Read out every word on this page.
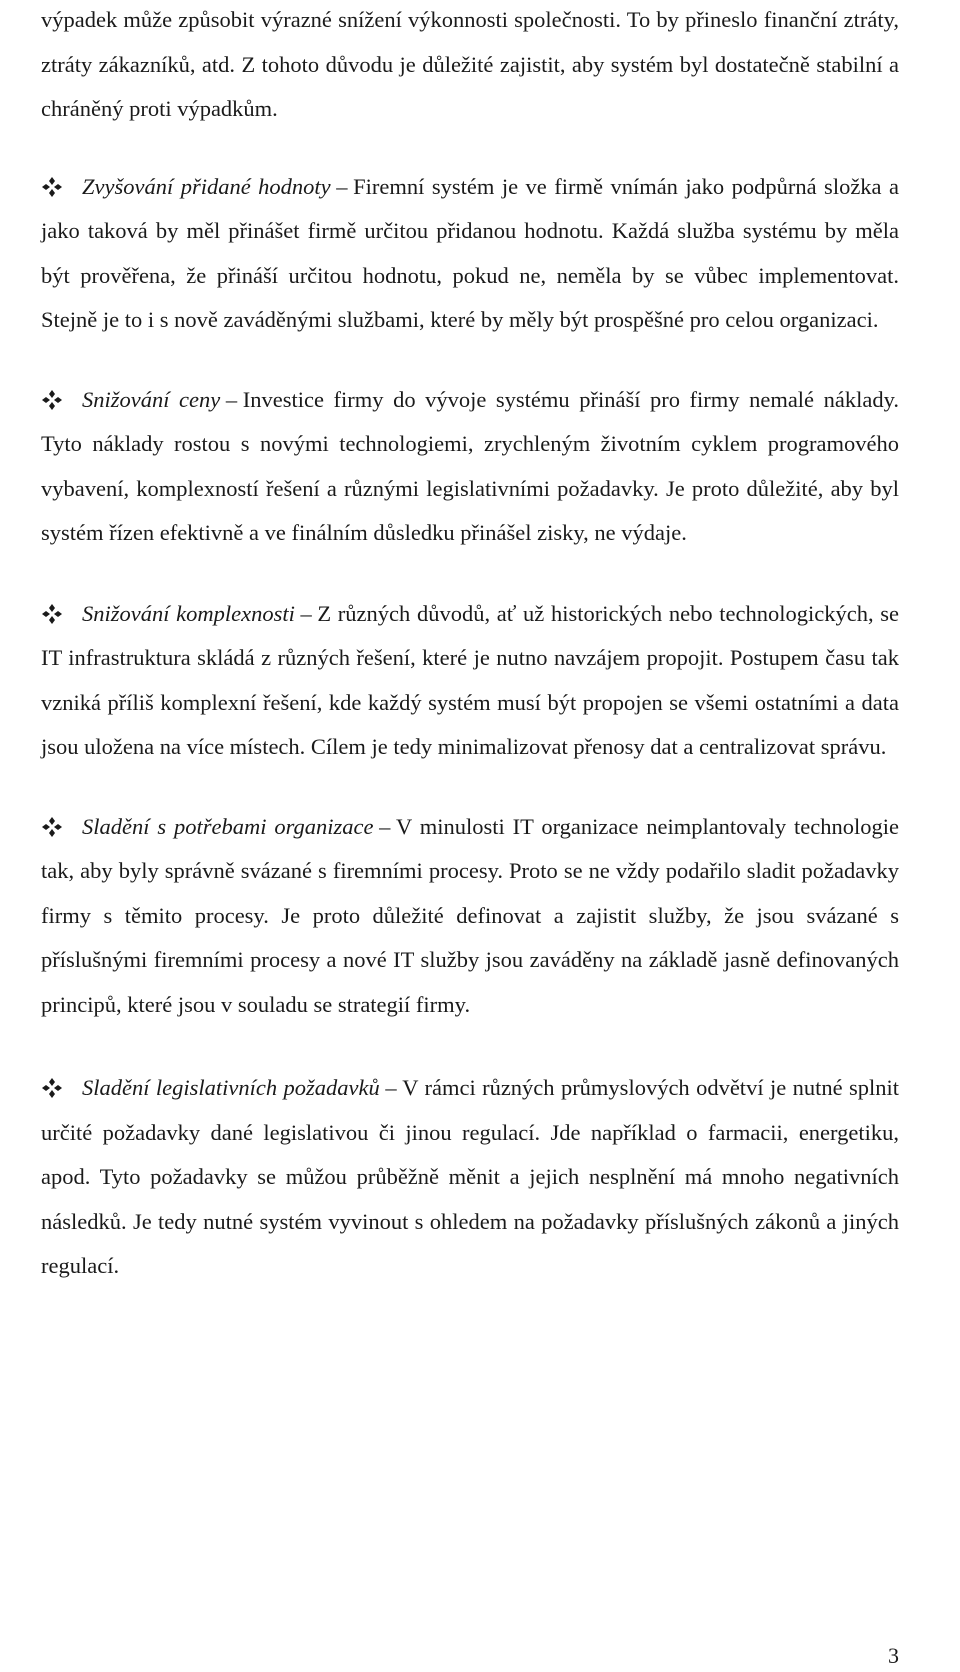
výpadek může způsobit výrazné snížení výkonnosti společnosti. To by přineslo finanční ztráty, ztráty zákazníků, atd. Z tohoto důvodu je důležité zajistit, aby systém byl dostatečně stabilní a chráněný proti výpadkům.

Zvyšování přidané hodnoty – Firemní systém je ve firmě vnímán jako podpůrná složka a jako taková by měl přinášet firmě určitou přidanou hodnotu. Každá služba systému by měla být prověřena, že přináší určitou hodnotu, pokud ne, neměla by se vůbec implementovat. Stejně je to i s nově zaváděnými službami, které by měly být prospěšné pro celou organizaci.

Snižování ceny – Investice firmy do vývoje systému přináší pro firmy nemalé náklady. Tyto náklady rostou s novými technologiemi, zrychleným životním cyklem programového vybavení, komplexností řešení a různými legislativními požadavky. Je proto důležité, aby byl systém řízen efektivně a ve finálním důsledku přinášel zisky, ne výdaje.

Snižování komplexnosti – Z různých důvodů, ať už historických nebo technologických, se IT infrastruktura skládá z různých řešení, které je nutno navzájem propojit. Postupem času tak vzniká příliš komplexní řešení, kde každý systém musí být propojen se všemi ostatními a data jsou uložena na více místech. Cílem je tedy minimalizovat přenosy dat a centralizovat správu.

Sladění s potřebami organizace – V minulosti IT organizace neimplantovaly technologie tak, aby byly správně svázané s firemními procesy. Proto se ne vždy podařilo sladit požadavky firmy s těmito procesy. Je proto důležité definovat a zajistit služby, že jsou svázané s příslušnými firemními procesy a nové IT služby jsou zaváděny na základě jasně definovaných principů, které jsou v souladu se strategií firmy.

Sladění legislativních požadavků – V rámci různých průmyslových odvětví je nutné splnit určité požadavky dané legislativou či jinou regulací. Jde například o farmacii, energetiku, apod. Tyto požadavky se můžou průběžně měnit a jejich nesplnění má mnoho negativních následků. Je tedy nutné systém vyvinout s ohledem na požadavky příslušných zákonů a jiných regulací.

3
